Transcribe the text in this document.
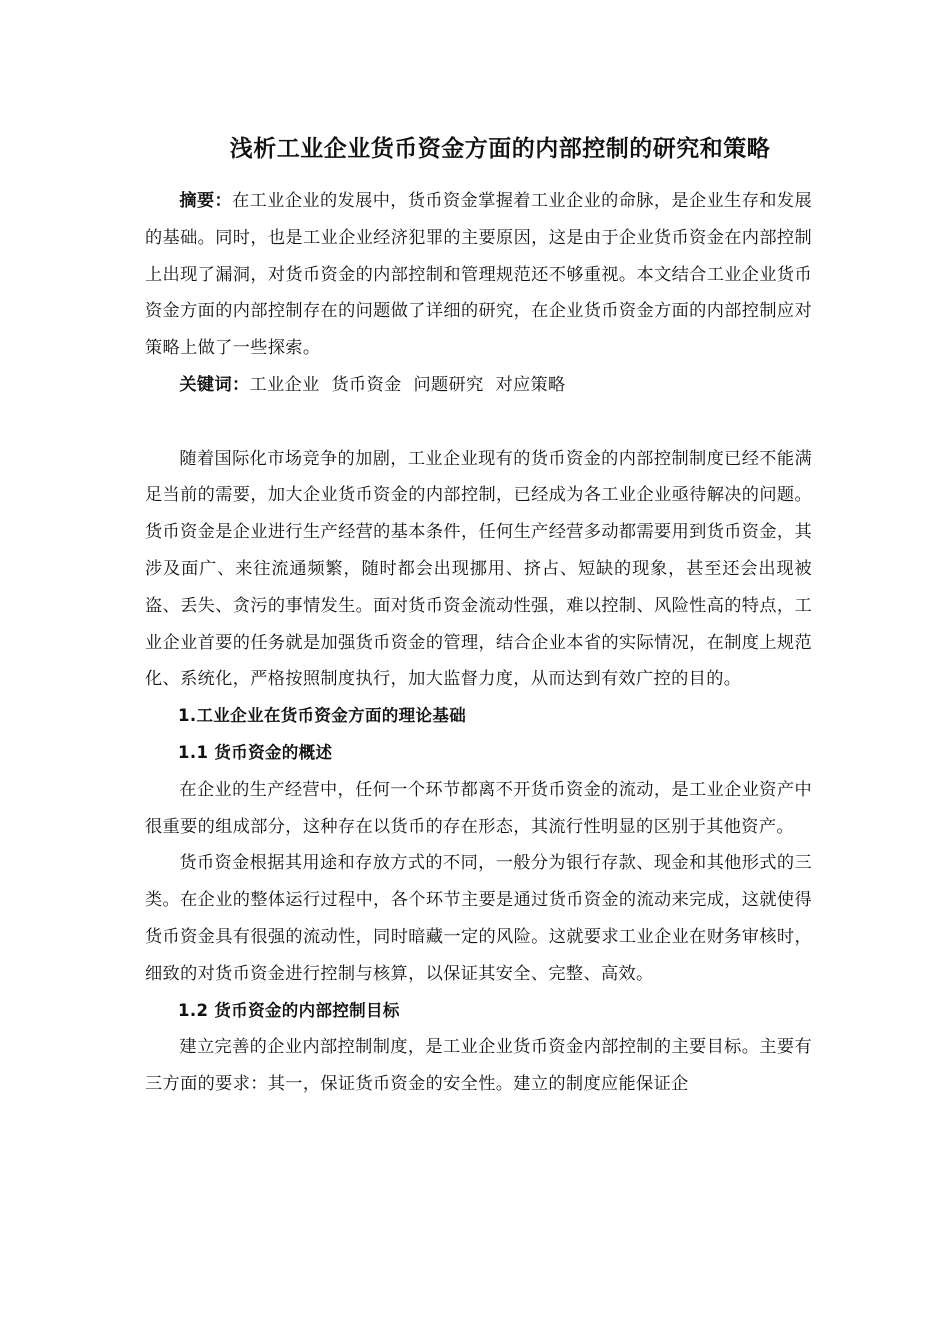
浅析工业企业货币资金方面的内部控制的研究和策略

摘要：在工业企业的发展中，货币资金掌握着工业企业的命脉，是企业生存和发展的基础。同时，也是工业企业经济犯罪的主要原因，这是由于企业货币资金在内部控制上出现了漏洞，对货币资金的内部控制和管理规范还不够重视。本文结合工业企业货币资金方面的内部控制存在的问题做了详细的研究，在企业货币资金方面的内部控制应对策略上做了一些探索。

关键词：工业企业 货币资金 问题研究 对应策略

随着国际化市场竞争的加剧，工业企业现有的货币资金的内部控制制度已经不能满足当前的需要，加大企业货币资金的内部控制，已经成为各工业企业亟待解决的问题。货币资金是企业进行生产经营的基本条件，任何生产经营多动都需要用到货币资金，其涉及面广、来往流通频繁，随时都会出现挪用、挤占、短缺的现象，甚至还会出现被盗、丢失、贪污的事情发生。面对货币资金流动性强，难以控制、风险性高的特点，工业企业首要的任务就是加强货币资金的管理，结合企业本省的实际情况，在制度上规范化、系统化，严格按照制度执行，加大监督力度，从而达到有效广控的目的。

1.工业企业在货币资金方面的理论基础
1.1 货币资金的概述

在企业的生产经营中，任何一个环节都离不开货币资金的流动，是工业企业资产中很重要的组成部分，这种存在以货币的存在形态，其流行性明显的区别于其他资产。

货币资金根据其用途和存放方式的不同，一般分为银行存款、现金和其他形式的三类。在企业的整体运行过程中，各个环节主要是通过货币资金的流动来完成，这就使得货币资金具有很强的流动性，同时暗藏一定的风险。这就要求工业企业在财务审核时，细致的对货币资金进行控制与核算，以保证其安全、完整、高效。

1.2 货币资金的内部控制目标

建立完善的企业内部控制制度，是工业企业货币资金内部控制的主要目标。主要有三方面的要求：其一，保证货币资金的安全性。建立的制度应能保证企
